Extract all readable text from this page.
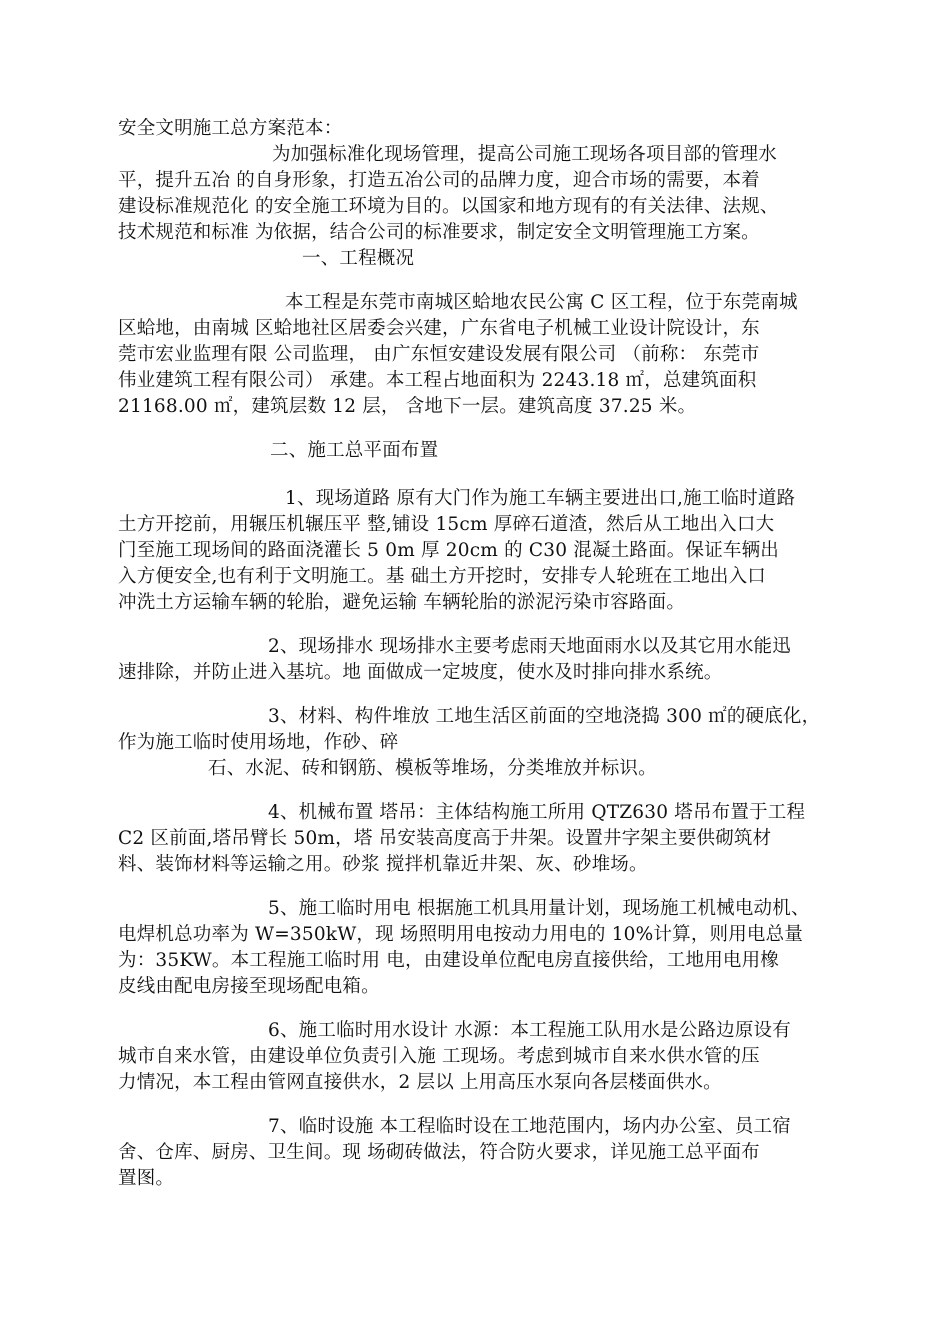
安全文明施工总方案范本：
为加强标准化现场管理，提高公司施工现场各项目部的管理水
平，提升五冶 的自身形象，打造五冶公司的品牌力度，迎合市场的需要，本着
建设标准规范化 的安全施工环境为目的。以国家和地方现有的有关法律、法规、
技术规范和标准 为依据，结合公司的标准要求，制定安全文明管理施工方案。
一、工程概况
本工程是东莞市南城区蛤地农民公寓 C 区工程，位于东莞南城
区蛤地，由南城 区蛤地社区居委会兴建，广东省电子机械工业设计院设计，东
莞市宏业监理有限 公司监理， 由广东恒安建设发展有限公司 （前称： 东莞市
伟业建筑工程有限公司） 承建。本工程占地面积为 2243.18 ㎡，总建筑面积
21168.00 ㎡，建筑层数 12 层， 含地下一层。建筑高度 37.25 米。
二、施工总平面布置
1、现场道路 原有大门作为施工车辆主要进出口,施工临时道路
土方开挖前，用辗压机辗压平 整,铺设 15cm 厚碎石道渣，然后从工地出入口大
门至施工现场间的路面浇灌长 5 0m 厚 20cm 的 C30 混凝土路面。保证车辆出
入方便安全,也有利于文明施工。基 础土方开挖时，安排专人轮班在工地出入口
冲洗土方运输车辆的轮胎，避免运输 车辆轮胎的淤泥污染市容路面。
2、现场排水 现场排水主要考虑雨天地面雨水以及其它用水能迅
速排除，并防止进入基坑。地 面做成一定坡度，使水及时排向排水系统。
3、材料、构件堆放 工地生活区前面的空地浇捣 300 ㎡的硬底化，
作为施工临时使用场地，作砂、碎
石、水泥、砖和钢筋、模板等堆场，分类堆放并标识。
4、机械布置 塔吊：主体结构施工所用 QTZ630 塔吊布置于工程
C2 区前面,塔吊臂长 50m，塔 吊安装高度高于井架。设置井字架主要供砌筑材
料、装饰材料等运输之用。砂浆 搅拌机靠近井架、灰、砂堆场。
5、施工临时用电 根据施工机具用量计划，现场施工机械电动机、
电焊机总功率为 W=350kW，现 场照明用电按动力用电的 10%计算，则用电总量
为：35KW。本工程施工临时用 电，由建设单位配电房直接供给，工地用电用橡
皮线由配电房接至现场配电箱。
6、施工临时用水设计 水源：本工程施工队用水是公路边原设有
城市自来水管，由建设单位负责引入施 工现场。考虑到城市自来水供水管的压
力情况，本工程由管网直接供水，2 层以 上用高压水泵向各层楼面供水。
7、临时设施 本工程临时设在工地范围内，场内办公室、员工宿
舍、仓库、厨房、卫生间。现 场砌砖做法，符合防火要求，详见施工总平面布
置图。
